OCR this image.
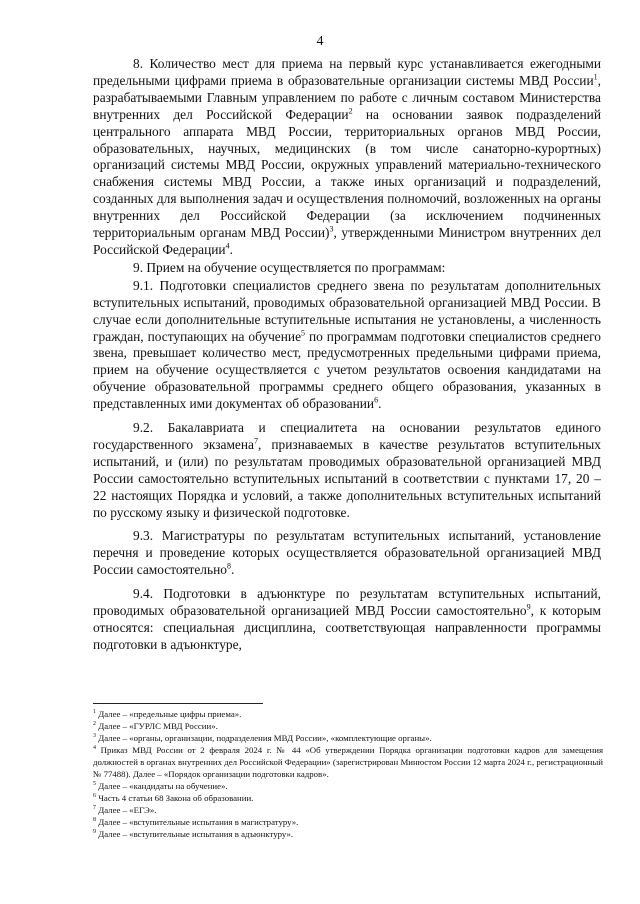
4

8. Количество мест для приема на первый курс устанавливается ежегодными предельными цифрами приема в образовательные организации системы МВД России$^1$, разрабатываемыми Главным управлением по работе с личным составом Министерства внутренних дел Российской Федерации$^2$ на основании заявок подразделений центрального аппарата МВД России, территориальных органов МВД России, образовательных, научных, медицинских (в том числе санаторно-курортных) организаций системы МВД России, окружных управлений материально-технического снабжения системы МВД России, а также иных организаций и подразделений, созданных для выполнения задач и осуществления полномочий, возложенных на органы внутренних дел Российской Федерации (за исключением подчиненных территориальным органам МВД России)$^3$, утвержденными Министром внутренних дел Российской Федерации$^4$.

9. Прием на обучение осуществляется по программам:

9.1. Подготовки специалистов среднего звена по результатам дополнительных вступительных испытаний, проводимых образовательной организацией МВД России. В случае если дополнительные вступительные испытания не установлены, а численность граждан, поступающих на обучение$^5$ по программам подготовки специалистов среднего звена, превышает количество мест, предусмотренных предельными цифрами приема, прием на обучение осуществляется с учетом результатов освоения кандидатами на обучение образовательной программы среднего общего образования, указанных в представленных ими документах об образовании$^6$.

9.2. Бакалавриата и специалитета на основании результатов единого государственного экзамена$^7$, признаваемых в качестве результатов вступительных испытаний, и (или) по результатам проводимых образовательной организацией МВД России самостоятельно вступительных испытаний в соответствии с пунктами 17, 20 – 22 настоящих Порядка и условий, а также дополнительных вступительных испытаний по русскому языку и физической подготовке.

9.3. Магистратуры по результатам вступительных испытаний, установление перечня и проведение которых осуществляется образовательной организацией МВД России самостоятельно$^8$.

9.4. Подготовки в адъюнктуре по результатам вступительных испытаний, проводимых образовательной организацией МВД России самостоятельно$^9$, к которым относятся: специальная дисциплина, соответствующая направленности программы подготовки в адъюнктуре,

$^1$ Далее – «предельные цифры приема».

$^2$ Далее – «ГУРЛС МВД России».

$^3$ Далее – «органы, организации, подразделения МВД России», «комплектующие органы».

$^4$ Приказ МВД России от 2 февраля 2024 г. № 44 «Об утверждении Порядка организации подготовки кадров для замещения должностей в органах внутренних дел Российской Федерации» (зарегистрирован Минюстом России 12 марта 2024 г., регистрационный № 77488). Далее – «Порядок организации подготовки кадров».

$^5$ Далее – «кандидаты на обучение».

$^6$ Часть 4 статьи 68 Закона об образовании.

$^7$ Далее – «ЕГЭ».

$^8$ Далее – «вступительные испытания в магистратуру».

$^9$ Далее – «вступительные испытания в адъюнктуру».
